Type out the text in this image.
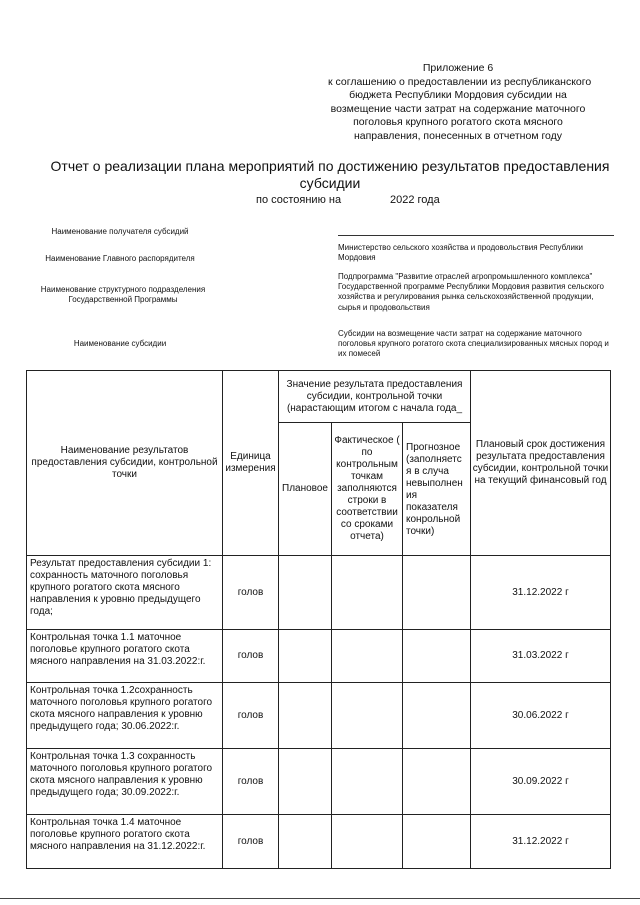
Приложение 6
к соглашению о предоставлении из республиканского
бюджета Республики Мордовия субсидии на
возмещение части затрат на содержание маточного
поголовья крупного рогатого скота мясного
направления, понесенных в отчетном году
Отчет о реализации плана мероприятий по достижению результатов предоставления субсидии
по состоянию на	2022 года
Наименование получателя субсидий
Наименование Главного распорядителя
Министерство сельского хозяйства и продовольствия Республики Мордовия
Наименование структурного подразделения Государственной Программы
Подпрограмма "Развитие отраслей агропромышленного комплекса" Государственной программе Республики Мордовия развития сельского хозяйства и регулирования рынка сельскохозяйственной продукции, сырья и продовольствия
Наименование субсидии
Субсидии на возмещение части затрат на содержание маточного поголовья крупного рогатого скота специализированных мясных пород и их помесей
Наименование результатов предоставления субсидии, контрольной точки	Единица измерения	Значение результата предоставления субсидии, контрольной точки (нарастающим итогом с начала года_			Плановый срок достижения результата предоставления субсидии, контрольной точки на текущий финансовый год
		Плановое	Фактическое ( по контрольным точкам заполняются строки в соответствии со сроками отчета)	Прогнозное (заполняетс я в случа невыполнен ия показателя конрольной точки)	
Результат предоставления субсидии 1: сохранность маточного поголовья крупного рогатого скота мясного направления к уровню предыдущего года;	голов				31.12.2022 г
Контрольная точка 1.1 маточное поголовье крупного рогатого скота мясного направления на 31.03.2022:г.	голов				31.03.2022 г
Контрольная точка 1.2сохранность маточного поголовья крупного рогатого скота мясного направления к уровню предыдущего года; 30.06.2022:г.	голов				30.06.2022 г
Контрольная точка 1.3 сохранность маточного поголовья крупного рогатого скота мясного направления к уровню предыдущего года; 30.09.2022:г.	голов				30.09.2022 г
Контрольная точка 1.4 маточное поголовье крупного рогатого скота мясного направления на 31.12.2022:г.	голов				31.12.2022 г
